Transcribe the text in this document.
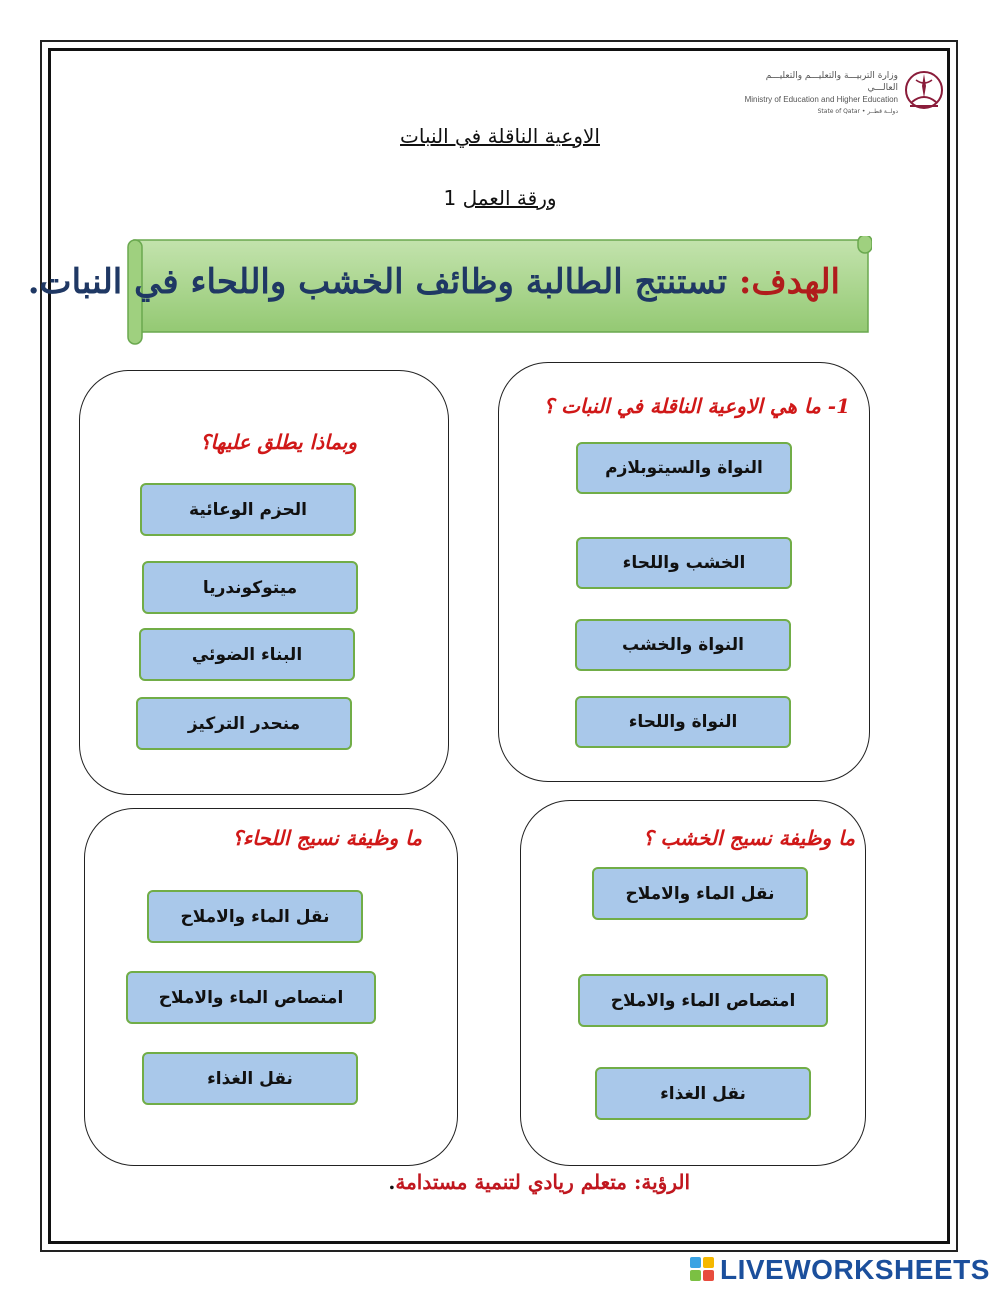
وزارة التربيـــة والتعليـــم والتعليـــم العالـــي
Ministry of Education and Higher Education
State of Qatar • دولــة قطــر
الاوعية الناقلة في النبات
ورقة العمل 1
الهدف: تستنتج الطالبة وظائف الخشب واللحاء في النبات.
1- ما هي الاوعية الناقلة في النبات ؟
النواة والسيتوبلازم
الخشب واللحاء
النواة والخشب
النواة واللحاء
وبماذا يطلق عليها؟
الحزم الوعائية
ميتوكوندريا
البناء الضوئي
منحدر التركيز
ما وظيفة نسيج الخشب ؟
نقل الماء والاملاح
امتصاص الماء والاملاح
نقل الغذاء
ما وظيفة نسيج اللحاء؟
نقل الماء والاملاح
امتصاص الماء والاملاح
نقل الغذاء
الرؤية: متعلم ريادي لتنمية مستدامة.
LIVEWORKSHEETS
